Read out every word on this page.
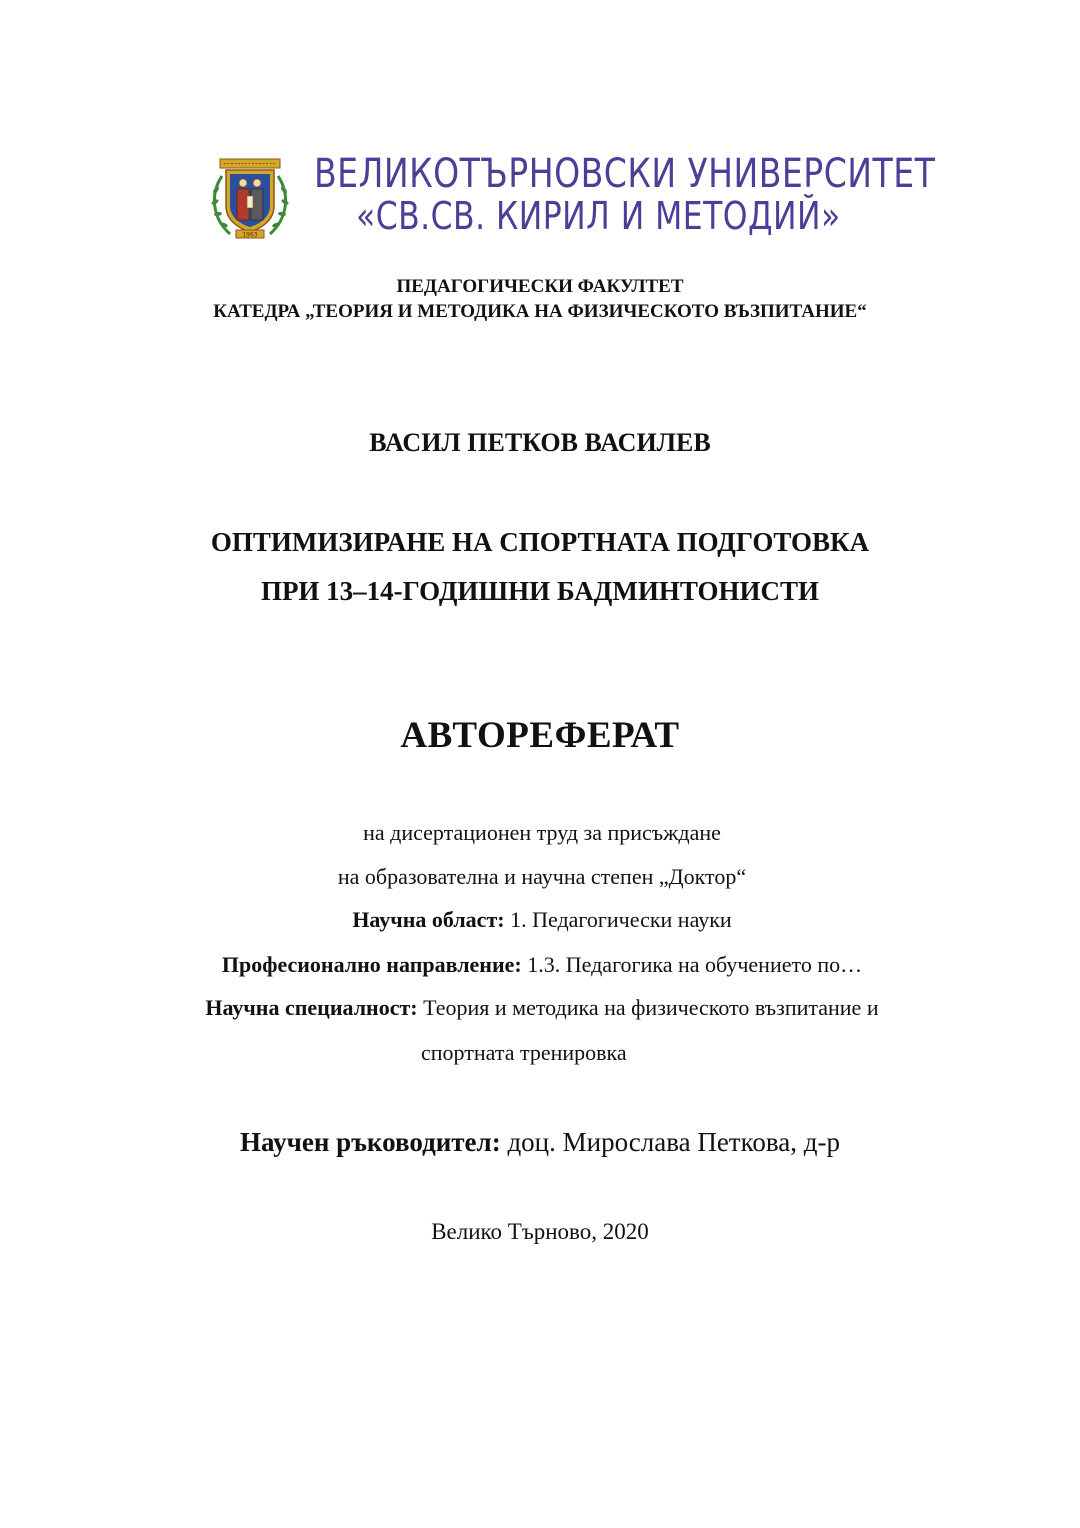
1963
ВЕЛИКОТЪРНОВСКИ УНИВЕРСИТЕТ
«СВ.СВ. КИРИЛ И МЕТОДИЙ»
ПЕДАГОГИЧЕСКИ ФАКУЛТЕТ
КАТЕДРА „ТЕОРИЯ И МЕТОДИКА НА ФИЗИЧЕСКОТО ВЪЗПИТАНИЕ“
ВАСИЛ ПЕТКОВ ВАСИЛЕВ
ОПТИМИЗИРАНЕ НА СПОРТНАТА ПОДГОТОВКА
ПРИ 13–14-ГОДИШНИ БАДМИНТОНИСТИ
АВТОРЕФЕРАТ
на дисертационен труд за присъждане
на образователна и научна степен „Доктор“
Научна област: 1. Педагогически науки
Професионално направление: 1.3. Педагогика на обучението по…
Научна специалност: Теория и методика на физическото възпитание и
спортната тренировка
Научен ръководител: доц. Мирослава Петкова, д-р
Велико Търново, 2020
